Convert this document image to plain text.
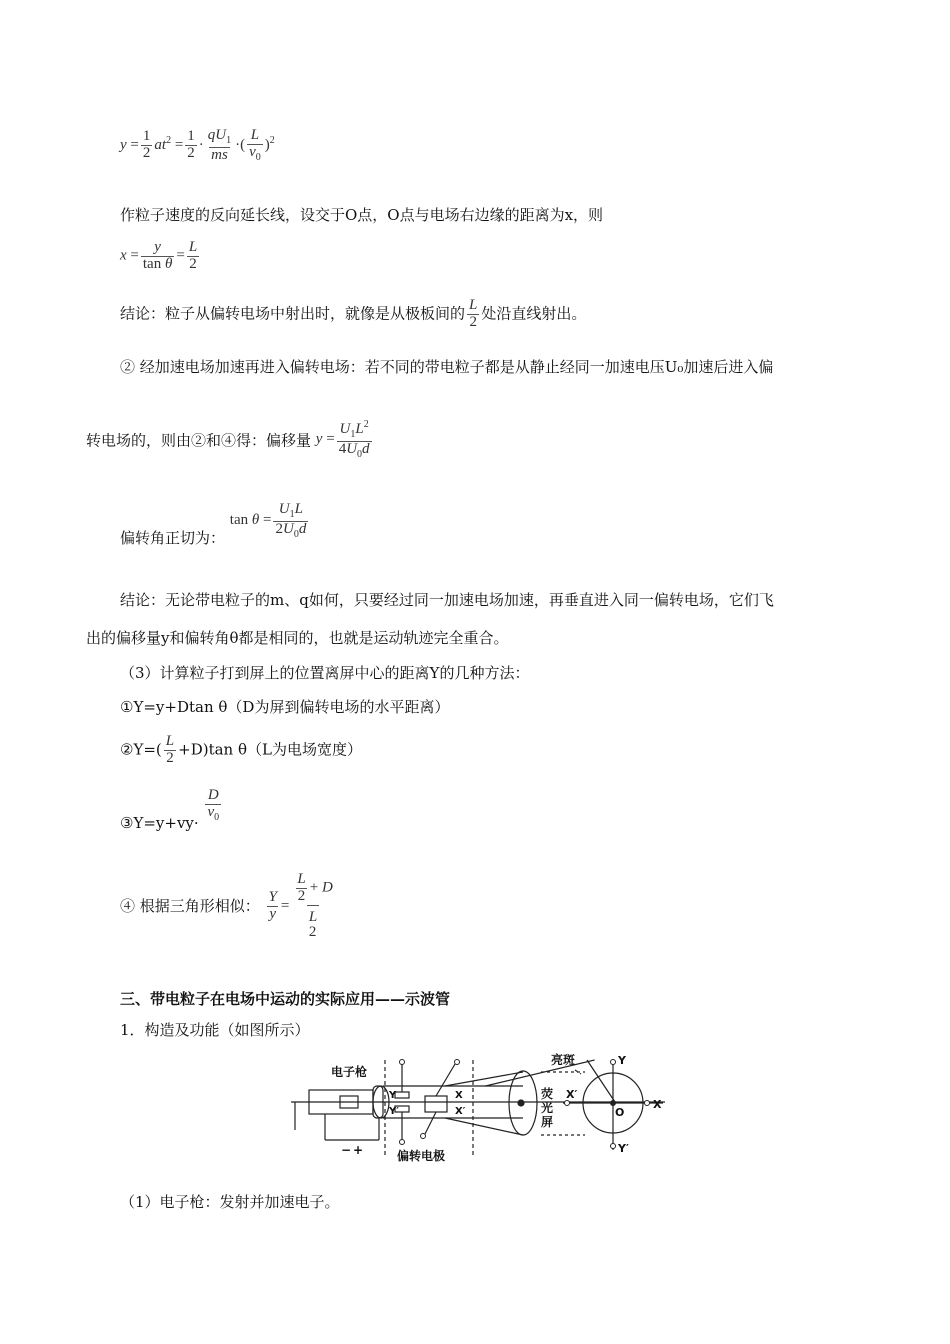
$y = \frac{1}{2} at^2 = \frac{1}{2} \cdot \frac{qU_1}{ms}$ ·( $\frac{L}{v_0} )^2$
作粒子速度的反向延长线，设交于O点，O点与电场右边缘的距离为x，则
$x = \frac{y}{\text{tan θ}} = \frac{L}{2}$
结论：粒子从偏转电场中射出时，就像是从极板间的 $\frac{L}{2}$ 处沿直线射出。
② 经加速电场加速再进入偏转电场：若不同的带电粒子都是从静止经同一加速电压U₀加速后进入偏
转电场的，则由②和④得：偏移量 $y = \frac{U_1L^2}{4U_0d}$
偏转角正切为： $\tan \theta = \frac{U_1L}{2U_0d}$
结论：无论带电粒子的m、q如何，只要经过同一加速电场加速，再垂直进入同一偏转电场，它们飞
出的偏移量y和偏转角θ都是相同的，也就是运动轨迹完全重合。
（3）计算粒子打到屏上的位置离屏中心的距离Y的几种方法：
①Y=y+Dtan θ（D为屏到偏转电场的水平距离）
②Y=( $\frac{L}{2} +D)\tan$ θ（L为电场宽度）
③Y=y+vy· $\frac{D}{v_0}$
④ 根据三角形相似： $\frac{Y}{y}$ =
$\frac{L}{2} + D$
L
2
三、带电粒子在电场中运动的实际应用——示波管
1．构造及功能（如图所示）
电子枪
亮斑
荧
光
屏
偏转电极
Y
Y′
X
X′
Y
Y′
X
X′
O
− +
（1）电子枪：发射并加速电子。
